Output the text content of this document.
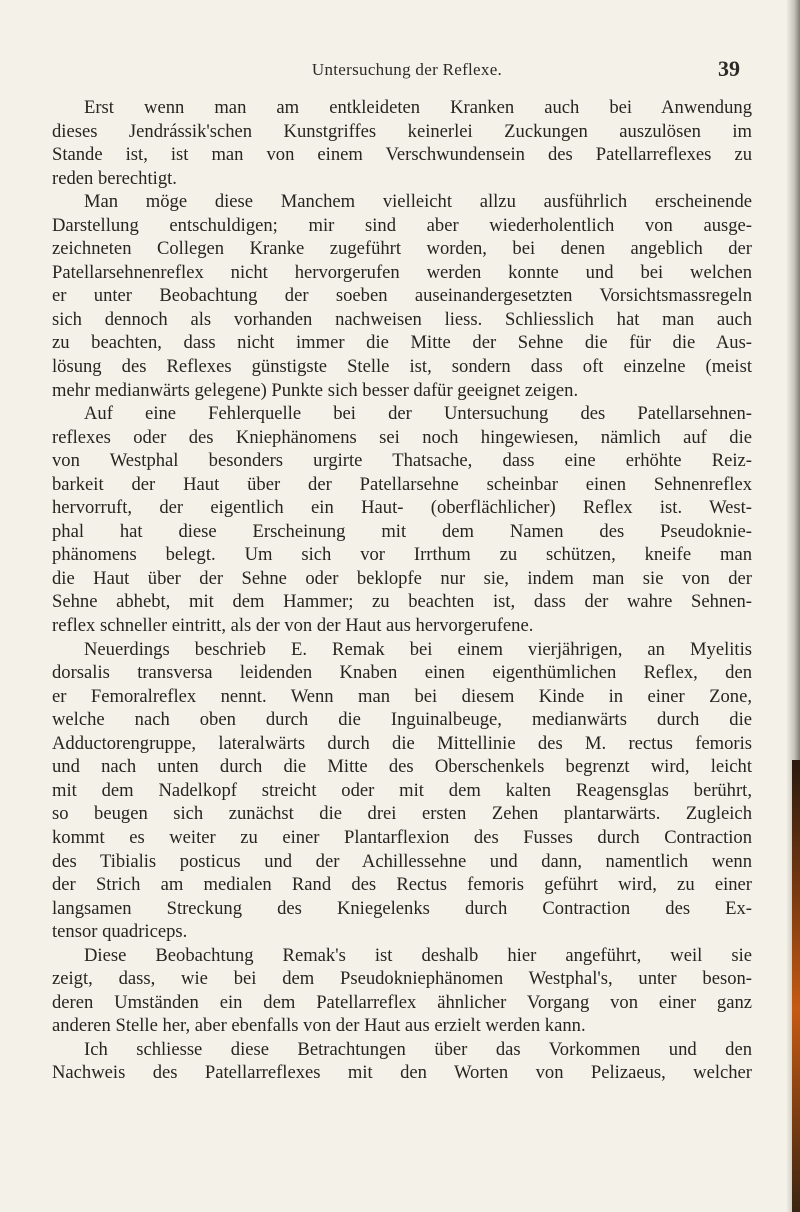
Untersuchung der Reflexe.	39
Erst wenn man am entkleideten Kranken auch bei Anwendung
dieses Jendrássik'schen Kunstgriffes keinerlei Zuckungen auszulösen im
Stande ist, ist man von einem Verschwundensein des Patellarreflexes zu
reden berechtigt.
Man möge diese Manchem vielleicht allzu ausführlich erscheinende
Darstellung entschuldigen; mir sind aber wiederholentlich von ausge-
zeichneten Collegen Kranke zugeführt worden, bei denen angeblich der
Patellarsehnenreflex nicht hervorgerufen werden konnte und bei welchen
er unter Beobachtung der soeben auseinandergesetzten Vorsichtsmassregeln
sich dennoch als vorhanden nachweisen liess. Schliesslich hat man auch
zu beachten, dass nicht immer die Mitte der Sehne die für die Aus-
lösung des Reflexes günstigste Stelle ist, sondern dass oft einzelne (meist
mehr medianwärts gelegene) Punkte sich besser dafür geeignet zeigen.
Auf eine Fehlerquelle bei der Untersuchung des Patellarsehnen-
reflexes oder des Kniephänomens sei noch hingewiesen, nämlich auf die
von Westphal besonders urgirte Thatsache, dass eine erhöhte Reiz-
barkeit der Haut über der Patellarsehne scheinbar einen Sehnenreflex
hervorruft, der eigentlich ein Haut- (oberflächlicher) Reflex ist. West-
phal hat diese Erscheinung mit dem Namen des Pseudoknie-
phänomens belegt. Um sich vor Irrthum zu schützen, kneife man
die Haut über der Sehne oder beklopfe nur sie, indem man sie von der
Sehne abhebt, mit dem Hammer; zu beachten ist, dass der wahre Sehnen-
reflex schneller eintritt, als der von der Haut aus hervorgerufene.
Neuerdings beschrieb E. Remak bei einem vierjährigen, an Myelitis
dorsalis transversa leidenden Knaben einen eigenthümlichen Reflex, den
er Femoralreflex nennt. Wenn man bei diesem Kinde in einer Zone,
welche nach oben durch die Inguinalbeuge, medianwärts durch die
Adductorengruppe, lateralwärts durch die Mittellinie des M. rectus femoris
und nach unten durch die Mitte des Oberschenkels begrenzt wird, leicht
mit dem Nadelkopf streicht oder mit dem kalten Reagensglas berührt,
so beugen sich zunächst die drei ersten Zehen plantarwärts. Zugleich
kommt es weiter zu einer Plantarflexion des Fusses durch Contraction
des Tibialis posticus und der Achillessehne und dann, namentlich wenn
der Strich am medialen Rand des Rectus femoris geführt wird, zu einer
langsamen Streckung des Kniegelenks durch Contraction des Ex-
tensor quadriceps.
Diese Beobachtung Remak's ist deshalb hier angeführt, weil sie
zeigt, dass, wie bei dem Pseudokniephänomen Westphal's, unter beson-
deren Umständen ein dem Patellarreflex ähnlicher Vorgang von einer ganz
anderen Stelle her, aber ebenfalls von der Haut aus erzielt werden kann.
Ich schliesse diese Betrachtungen über das Vorkommen und den
Nachweis des Patellarreflexes mit den Worten von Pelizaeus, welcher
